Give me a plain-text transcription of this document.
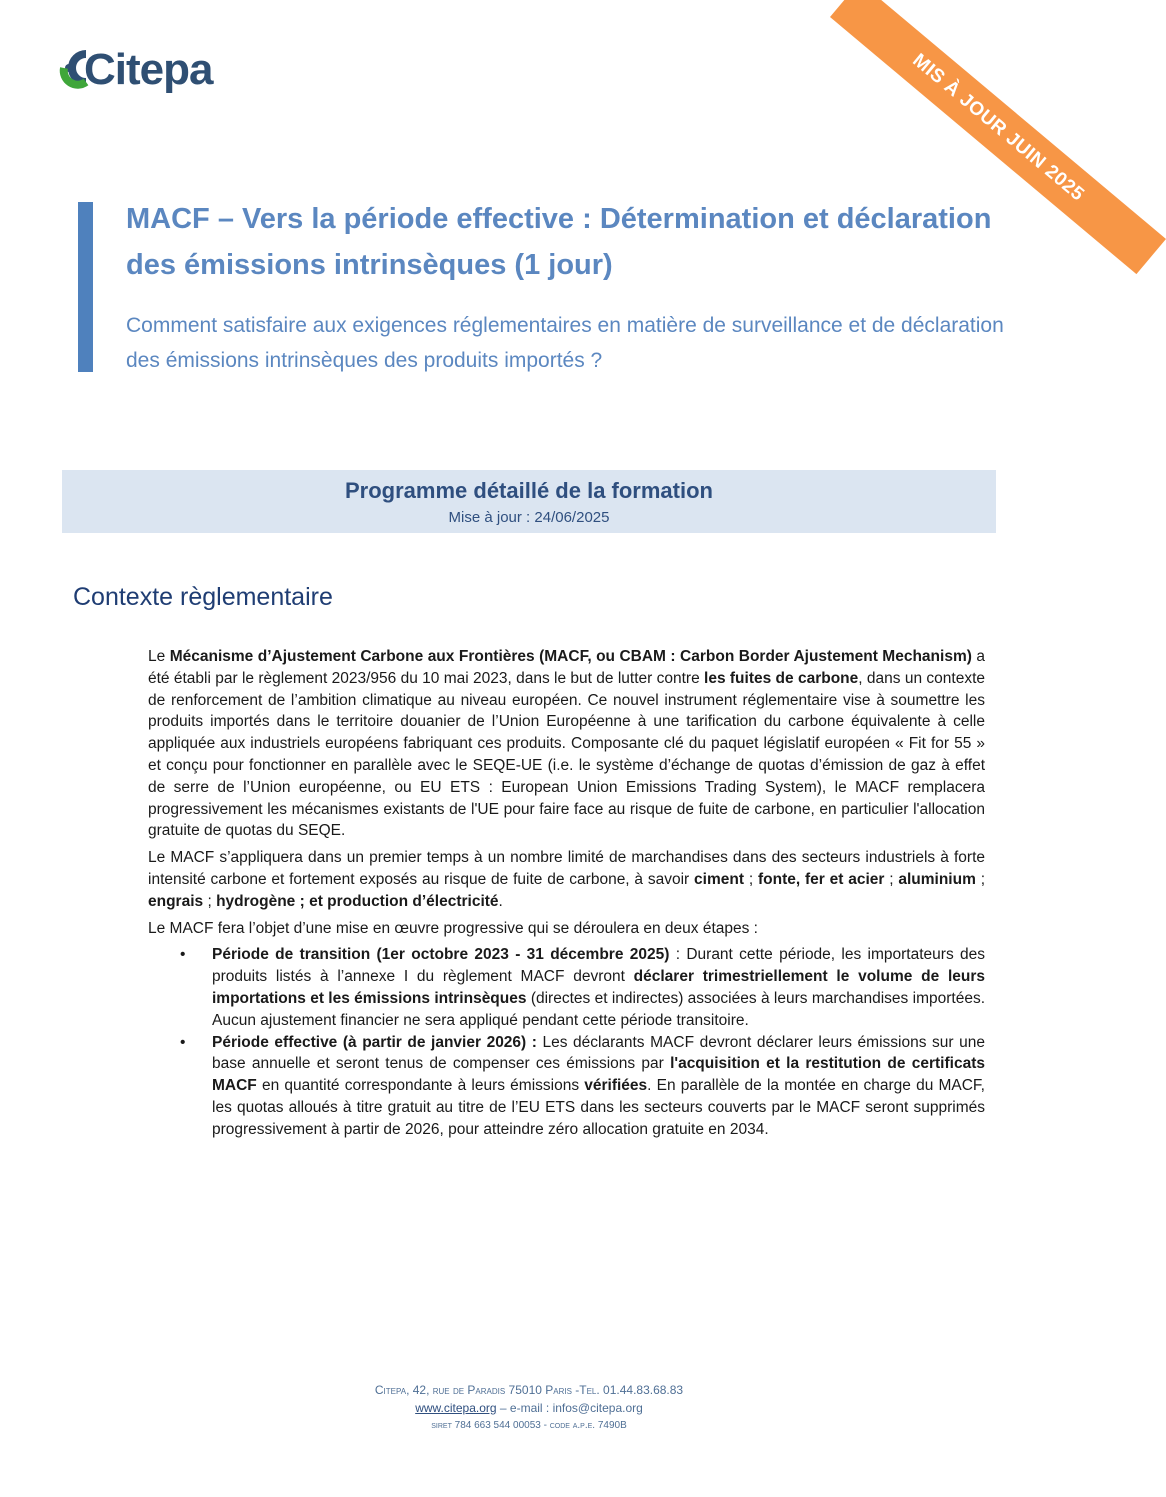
Citepa	MIS À JOUR JUIN 2025
MACF – Vers la période effective : Détermination et déclaration des émissions intrinsèques (1 jour)

Comment satisfaire aux exigences réglementaires en matière de surveillance et de déclaration des émissions intrinsèques des produits importés ?

Programme détaillé de la formation
Mise à jour : 24/06/2025
Contexte règlementaire

Le Mécanisme d’Ajustement Carbone aux Frontières (MACF, ou CBAM : Carbon Border Ajustement Mechanism) a été établi par le règlement 2023/956 du 10 mai 2023, dans le but de lutter contre les fuites de carbone, dans un contexte de renforcement de l’ambition climatique au niveau européen. Ce nouvel instrument réglementaire vise à soumettre les produits importés dans le territoire douanier de l’Union Européenne à une tarification du carbone équivalente à celle appliquée aux industriels européens fabriquant ces produits. Composante clé du paquet législatif européen « Fit for 55 » et conçu pour fonctionner en parallèle avec le SEQE-UE (i.e. le système d’échange de quotas d’émission de gaz à effet de serre de l’Union européenne, ou EU ETS : European Union Emissions Trading System), le MACF remplacera progressivement les mécanismes existants de l'UE pour faire face au risque de fuite de carbone, en particulier l'allocation gratuite de quotas du SEQE.

Le MACF s’appliquera dans un premier temps à un nombre limité de marchandises dans des secteurs industriels à forte intensité carbone et fortement exposés au risque de fuite de carbone, à savoir ciment ; fonte, fer et acier ; aluminium ; engrais ; hydrogène ; et production d’électricité.

Le MACF fera l’objet d’une mise en œuvre progressive qui se déroulera en deux étapes :

• Période de transition (1er octobre 2023 - 31 décembre 2025) : Durant cette période, les importateurs des produits listés à l’annexe I du règlement MACF devront déclarer trimestriellement le volume de leurs importations et les émissions intrinsèques (directes et indirectes) associées à leurs marchandises importées. Aucun ajustement financier ne sera appliqué pendant cette période transitoire.
• Période effective (à partir de janvier 2026) : Les déclarants MACF devront déclarer leurs émissions sur une base annuelle et seront tenus de compenser ces émissions par l'acquisition et la restitution de certificats MACF en quantité correspondante à leurs émissions vérifiées. En parallèle de la montée en charge du MACF, les quotas alloués à titre gratuit au titre de l’EU ETS dans les secteurs couverts par le MACF seront supprimés progressivement à partir de 2026, pour atteindre zéro allocation gratuite en 2034.
Citepa, 42, rue de Paradis 75010 Paris -Tel. 01.44.83.68.83
www.citepa.org – e-mail : infos@citepa.org
siret 784 663 544 00053 - code a.p.e. 7490B
